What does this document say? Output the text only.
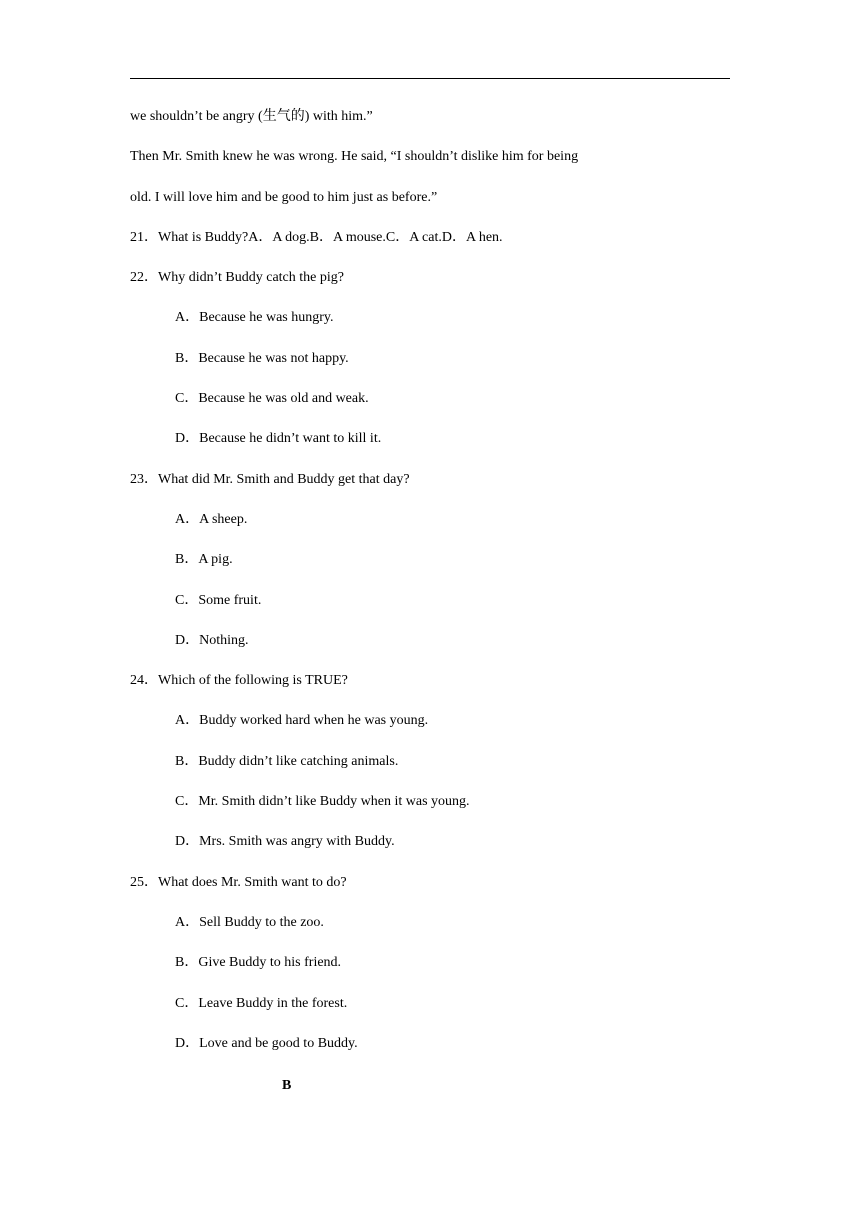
we shouldn’t be angry (生气的) with him.”
Then Mr. Smith knew he was wrong. He said, “I shouldn’t dislike him for being
old. I will love him and be good to him just as before.”
21．What is Buddy?A．A dog.B．A mouse.C．A cat.D．A hen.
22．Why didn’t Buddy catch the pig?
A．Because he was hungry.
B．Because he was not happy.
C．Because he was old and weak.
D．Because he didn’t want to kill it.
23．What did Mr. Smith and Buddy get that day?
A．A sheep.
B．A pig.
C．Some fruit.
D．Nothing.
24．Which of the following is TRUE?
A．Buddy worked hard when he was young.
B．Buddy didn’t like catching animals.
C．Mr. Smith didn’t like Buddy when it was young.
D．Mrs. Smith was angry with Buddy.
25．What does Mr. Smith want to do?
A．Sell Buddy to the zoo.
B．Give Buddy to his friend.
C．Leave Buddy in the forest.
D．Love and be good to Buddy.
B
